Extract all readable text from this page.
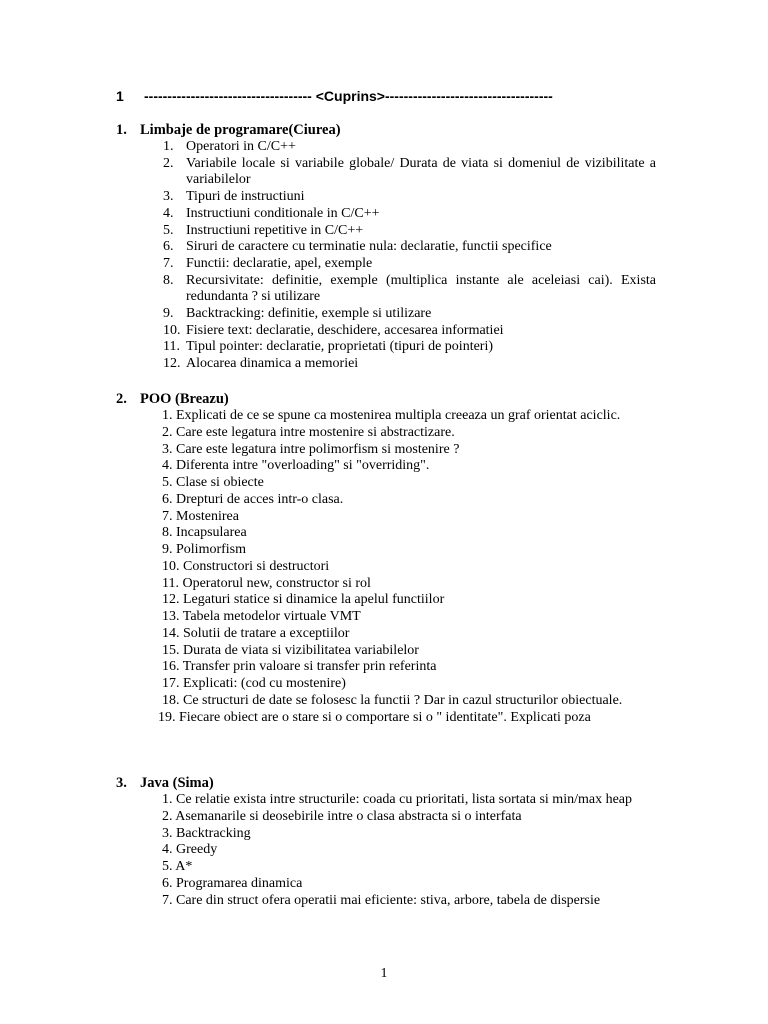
1 ------------------------------------ <Cuprins>------------------------------------
1. Limbaje de programare(Ciurea)
1. Operatori in C/C++
2. Variabile locale si variabile globale/ Durata de viata si domeniul de vizibilitate a variabilelor
3. Tipuri de instructiuni
4. Instructiuni conditionale in C/C++
5. Instructiuni repetitive in C/C++
6. Siruri de caractere cu terminatie nula: declaratie, functii specifice
7. Functii: declaratie, apel, exemple
8. Recursivitate: definitie, exemple (multiplica instante ale aceleiasi cai). Exista redundanta ? si utilizare
9. Backtracking: definitie, exemple si utilizare
10. Fisiere text: declaratie, deschidere, accesarea informatiei
11. Tipul pointer: declaratie, proprietati (tipuri de pointeri)
12. Alocarea dinamica a memoriei
2. POO (Breazu)
1. Explicati de ce se spune ca mostenirea multipla creeaza un graf orientat aciclic.
2. Care este legatura intre mostenire si abstractizare.
3. Care este legatura intre polimorfism si mostenire ?
4. Diferenta intre "overloading" si "overriding".
5. Clase si obiecte
6. Drepturi de acces intr-o clasa.
7. Mostenirea
8. Incapsularea
9. Polimorfism
10. Constructori si destructori
11. Operatorul new, constructor si rol
12. Legaturi statice si dinamice la apelul functiilor
13. Tabela metodelor virtuale VMT
14. Solutii de tratare a exceptiilor
15. Durata de viata si vizibilitatea variabilelor
16. Transfer prin valoare si transfer prin referinta
17. Explicati: (cod cu mostenire)
18. Ce structuri de date se folosesc la functii ? Dar in cazul structurilor obiectuale.
19. Fiecare obiect are o stare si o comportare si o " identitate". Explicati poza
3. Java (Sima)
1. Ce relatie exista intre structurile: coada cu prioritati, lista sortata si min/max heap
2. Asemanarile si deosebirile intre o clasa abstracta si o interfata
3. Backtracking
4. Greedy
5. A*
6. Programarea dinamica
7. Care din struct ofera operatii mai eficiente: stiva, arbore, tabela de dispersie
1
